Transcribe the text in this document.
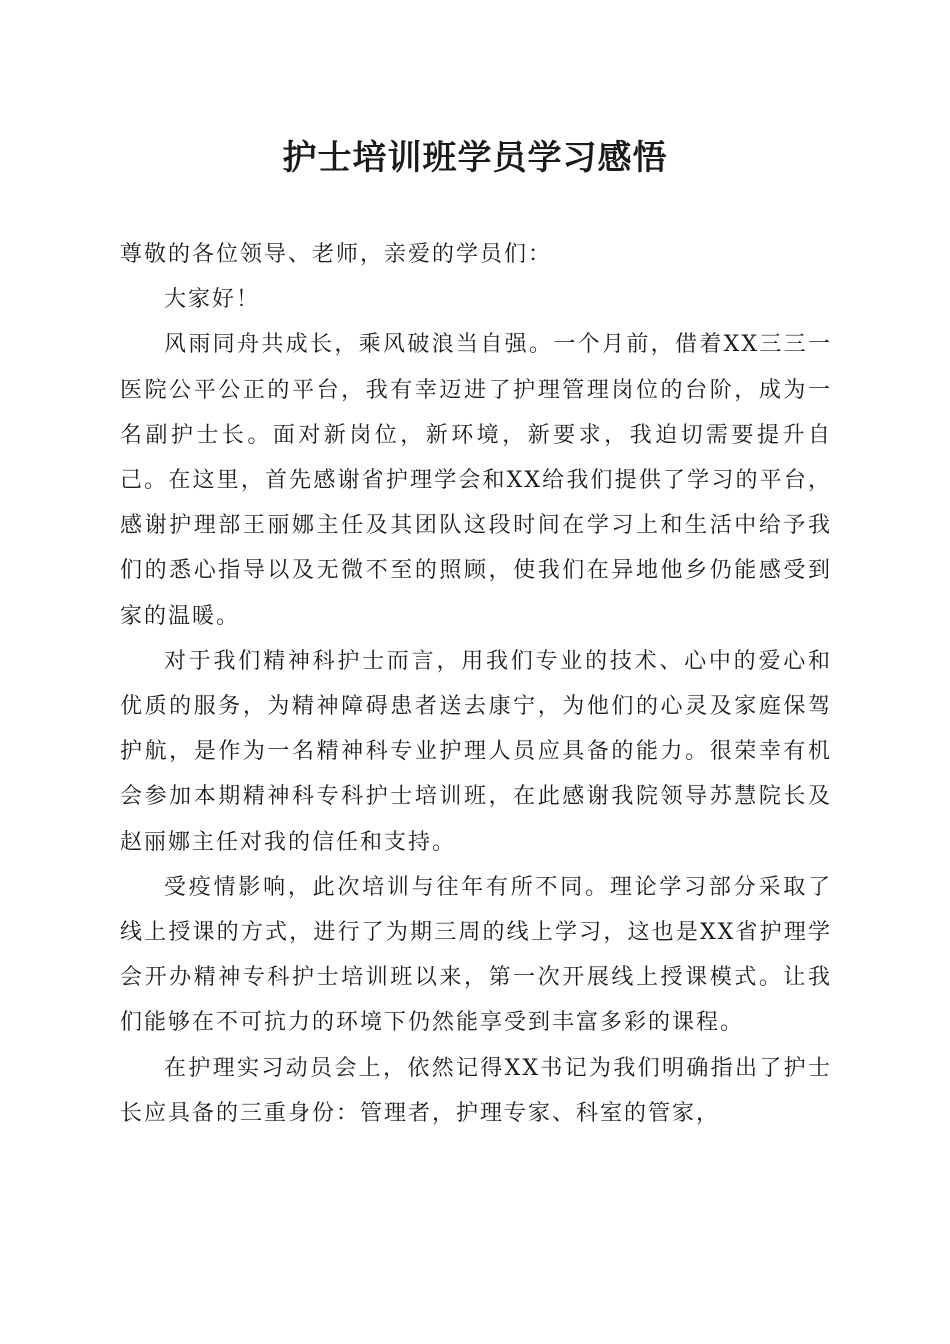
护士培训班学员学习感悟

尊敬的各位领导、老师，亲爱的学员们：

大家好！

风雨同舟共成长，乘风破浪当自强。一个月前，借着XX三三一医院公平公正的平台，我有幸迈进了护理管理岗位的台阶，成为一名副护士长。面对新岗位，新环境，新要求，我迫切需要提升自己。在这里，首先感谢省护理学会和XX给我们提供了学习的平台，感谢护理部王丽娜主任及其团队这段时间在学习上和生活中给予我们的悉心指导以及无微不至的照顾，使我们在异地他乡仍能感受到家的温暖。

对于我们精神科护士而言，用我们专业的技术、心中的爱心和优质的服务，为精神障碍患者送去康宁，为他们的心灵及家庭保驾护航，是作为一名精神科专业护理人员应具备的能力。很荣幸有机会参加本期精神科专科护士培训班，在此感谢我院领导苏慧院长及赵丽娜主任对我的信任和支持。

受疫情影响，此次培训与往年有所不同。理论学习部分采取了线上授课的方式，进行了为期三周的线上学习，这也是XX省护理学会开办精神专科护士培训班以来，第一次开展线上授课模式。让我们能够在不可抗力的环境下仍然能享受到丰富多彩的课程。

在护理实习动员会上，依然记得XX书记为我们明确指出了护士长应具备的三重身份：管理者，护理专家、科室的管家，
